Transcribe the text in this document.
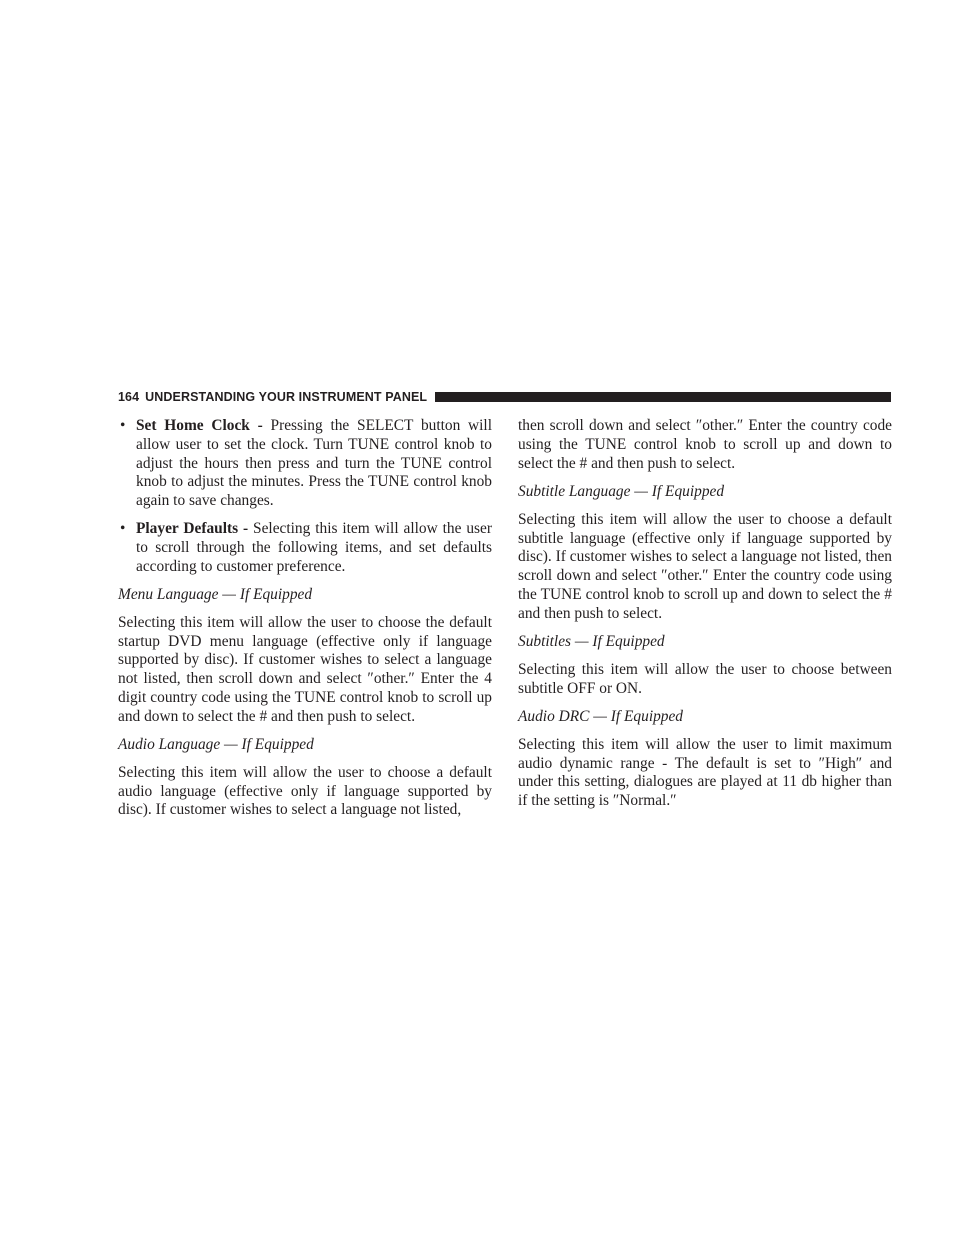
164 UNDERSTANDING YOUR INSTRUMENT PANEL
• Set Home Clock - Pressing the SELECT button will allow user to set the clock. Turn TUNE control knob to adjust the hours then press and turn the TUNE control knob to adjust the minutes. Press the TUNE control knob again to save changes.
• Player Defaults - Selecting this item will allow the user to scroll through the following items, and set defaults according to customer preference.

Menu Language — If Equipped

Selecting this item will allow the user to choose the default startup DVD menu language (effective only if language supported by disc). If customer wishes to select a language not listed, then scroll down and select ″other.″ Enter the 4 digit country code using the TUNE control knob to scroll up and down to select the # and then push to select.

Audio Language — If Equipped

Selecting this item will allow the user to choose a default audio language (effective only if language supported by disc). If customer wishes to select a language not listed,

then scroll down and select ″other.″ Enter the country code using the TUNE control knob to scroll up and down to select the # and then push to select.

Subtitle Language — If Equipped

Selecting this item will allow the user to choose a default subtitle language (effective only if language supported by disc). If customer wishes to select a language not listed, then scroll down and select ″other.″ Enter the country code using the TUNE control knob to scroll up and down to select the # and then push to select.

Subtitles — If Equipped

Selecting this item will allow the user to choose between subtitle OFF or ON.

Audio DRC — If Equipped

Selecting this item will allow the user to limit maximum audio dynamic range - The default is set to ″High″ and under this setting, dialogues are played at 11 db higher than if the setting is ″Normal.″
